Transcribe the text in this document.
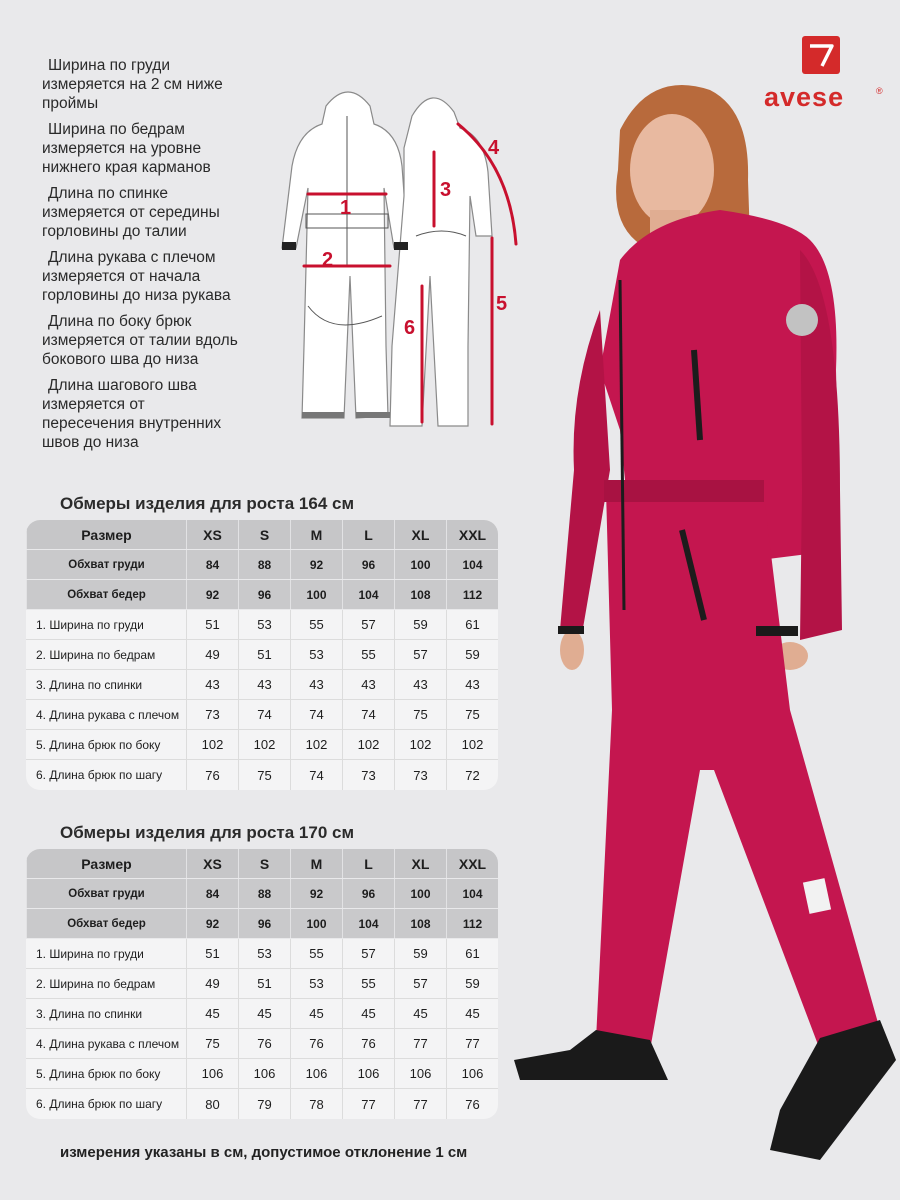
avese	®
Ширина по груди
измеряется на 2 см ниже
проймы
Ширина по бедрам
измеряется на уровне
нижнего края карманов
Длина по спинке
измеряется от середины
горловины до талии
Длина рукава с плечом
измеряется от начала
горловины до низа рукава
Длина по боку брюк
измеряется от талии вдоль
бокового шва до низа
Длина шагового шва
измеряется от
пересечения внутренних
швов до низа
1
2
3
4
5
6
Обмеры изделия для роста 164 см
Размер	XS	S	M	L	XL	XXL
Обхват груди	84	88	92	96	100	104
Обхват бедер	92	96	100	104	108	112
1. Ширина по груди	51	53	55	57	59	61
2. Ширина по бедрам	49	51	53	55	57	59
3. Длина по спинки	43	43	43	43	43	43
4. Длина рукава с плечом	73	74	74	74	75	75
5. Длина брюк по боку	102	102	102	102	102	102
6. Длина брюк по шагу	76	75	74	73	73	72
Обмеры изделия для роста 170 см
Размер	XS	S	M	L	XL	XXL
Обхват груди	84	88	92	96	100	104
Обхват бедер	92	96	100	104	108	112
1. Ширина по груди	51	53	55	57	59	61
2. Ширина по бедрам	49	51	53	55	57	59
3. Длина по спинки	45	45	45	45	45	45
4. Длина рукава с плечом	75	76	76	76	77	77
5. Длина брюк по боку	106	106	106	106	106	106
6. Длина брюк по шагу	80	79	78	77	77	76
измерения указаны в см, допустимое отклонение 1 см
